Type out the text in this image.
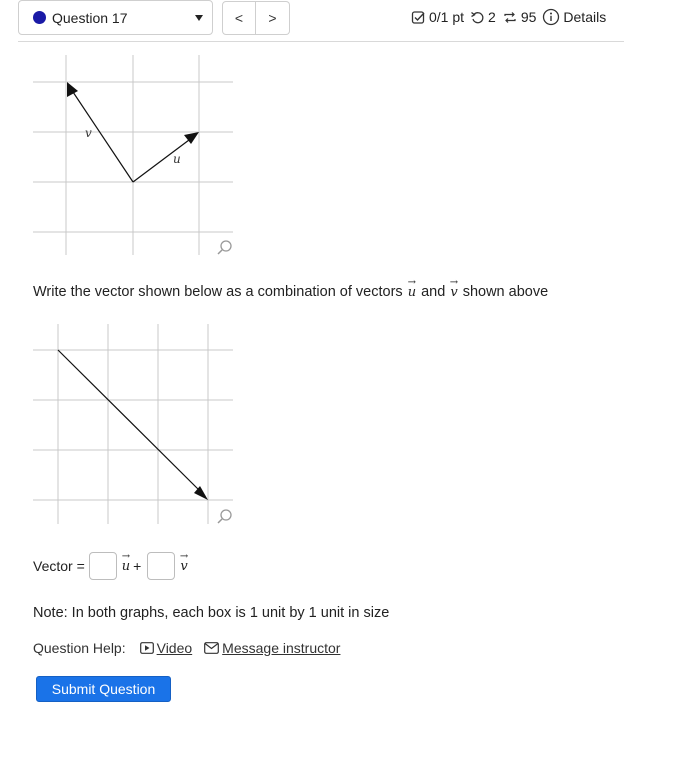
Question 17	<	>	0/1 pt 2 95 Details
v
u
Write the vector shown below as a combination of vectors
→
u and
→
v shown above
Vector =
→
u +
→
v
Note: In both graphs, each box is 1 unit by 1 unit in size
Question Help: Video Message instructor
Submit Question
